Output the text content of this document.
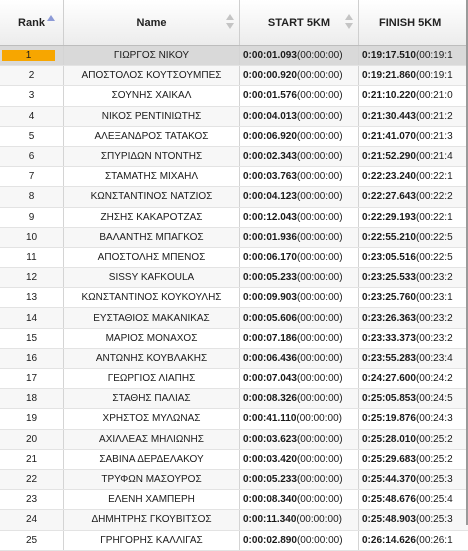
Rank	Name	START 5KM	FINISH 5KM
1	ΓΙΩΡΓΟΣ ΝΙΚΟΥ	0:00:01.093 (00:00:00) 0:19:17.510 (00:19:1
2	ΑΠΟΣΤΟΛΟΣ ΚΟΥΤΣΟΥΜΠΕΣ	0:00:00.920 (00:00:00) 0:19:21.860 (00:19:1
3	ΣΟΥΝΗΣ ΧΑΙΚΑΛ	0:00:01.576 (00:00:00) 0:21:10.220 (00:21:0
4	ΝΙΚΟΣ ΡΕΝΤΙΝΙΩΤΗΣ	0:00:04.013 (00:00:00) 0:21:30.443 (00:21:2
5	ΑΛΕΞΑΝΔΡΟΣ ΤΑΤΑΚΟΣ	0:00:06.920 (00:00:00) 0:21:41.070 (00:21:3
6	ΣΠΥΡΙΔΩΝ ΝΤΟΝΤΗΣ	0:00:02.343 (00:00:00) 0:21:52.290 (00:21:4
7	ΣΤΑΜΑΤΗΣ ΜΙΧΑΗΛ	0:00:03.763 (00:00:00) 0:22:23.240 (00:22:1
8	ΚΩΝΣΤΑΝΤΙΝΟΣ ΝΑΤΖΙΟΣ	0:00:04.123 (00:00:00) 0:22:27.643 (00:22:2
9	ΖΗΣΗΣ ΚΑΚΑΡΟΤΖΑΣ	0:00:12.043 (00:00:00) 0:22:29.193 (00:22:1
10	ΒΑΛΑΝΤΗΣ ΜΠΑΓΚΟΣ	0:00:01.936 (00:00:00) 0:22:55.210 (00:22:5
11	ΑΠΟΣΤΟΛΗΣ ΜΠΕΝΟΣ	0:00:06.170 (00:00:00) 0:23:05.516 (00:22:5
12	SISSY KAFKOULA	0:00:05.233 (00:00:00) 0:23:25.533 (00:23:2
13	ΚΩΝΣΤΑΝΤΙΝΟΣ ΚΟΥΚΟΥΛΗΣ	0:00:09.903 (00:00:00) 0:23:25.760 (00:23:1
14	ΕΥΣΤΑΘΙΟΣ ΜΑΚΑΝΙΚΑΣ	0:00:05.606 (00:00:00) 0:23:26.363 (00:23:2
15	ΜΑΡΙΟΣ ΜΟΝΑΧΟΣ	0:00:07.186 (00:00:00) 0:23:33.373 (00:23:2
16	ΑΝΤΩΝΗΣ ΚΟΥΒΛΑΚΗΣ	0:00:06.436 (00:00:00) 0:23:55.283 (00:23:4
17	ΓΕΩΡΓΙΟΣ ΛΙΑΠΗΣ	0:00:07.043 (00:00:00) 0:24:27.600 (00:24:2
18	ΣΤΑΘΗΣ ΠΑΛΙΑΣ	0:00:08.326 (00:00:00) 0:25:05.853 (00:24:5
19	ΧΡΗΣΤΟΣ ΜΥΛΩΝΑΣ	0:00:41.110 (00:00:00) 0:25:19.876 (00:24:3
20	ΑΧΙΛΛΕΑΣ ΜΗΛΙΩΝΗΣ	0:00:03.623 (00:00:00) 0:25:28.010 (00:25:2
21	ΣΑΒΙΝΑ ΔΕΡΔΕΛΑΚΟΥ	0:00:03.420 (00:00:00) 0:25:29.683 (00:25:2
22	ΤΡΥΦΩΝ ΜΑΣΟΥΡΟΣ	0:00:05.233 (00:00:00) 0:25:44.370 (00:25:3
23	ΕΛΕΝΗ ΧΑΜΠΕΡΗ	0:00:08.340 (00:00:00) 0:25:48.676 (00:25:4
24	ΔΗΜΗΤΡΗΣ ΓΚΟΥΒΙΤΣΟΣ	0:00:11.340 (00:00:00) 0:25:48.903 (00:25:3
25	ΓΡΗΓΟΡΗΣ ΚΑΛΛΙΓΑΣ	0:00:02.890 (00:00:00) 0:26:14.626 (00:26:1
